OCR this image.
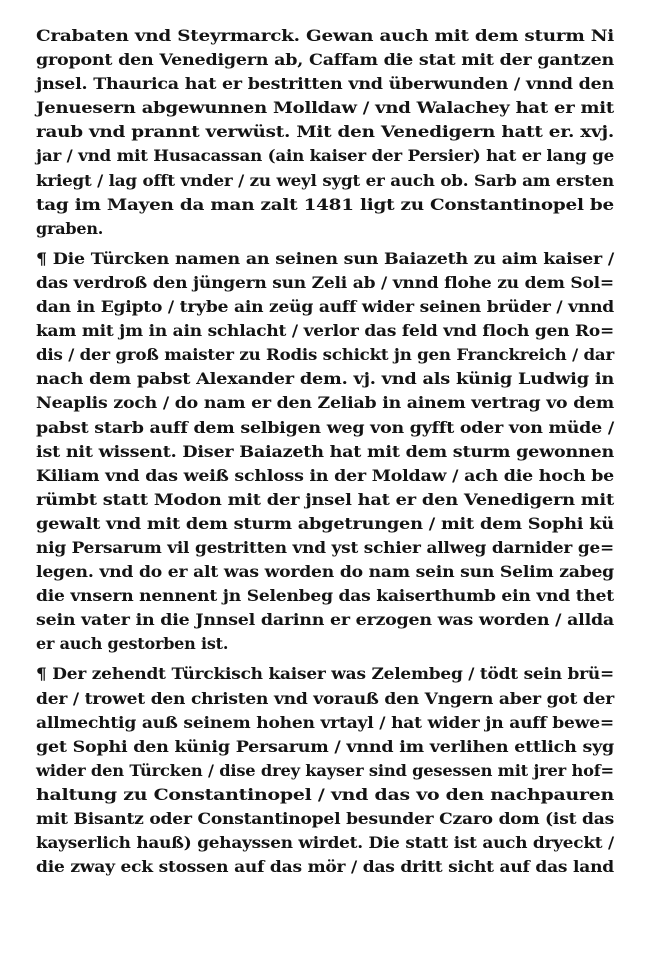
Crabaten vnd Steyrmarck. Gewan auch mit dem sturm Ni
gropont den Venedigern ab, Caffam die stat mit der gantzen
jnsel. Thaurica hat er bestritten vnd überwunden / vnnd den
Jenuesern abgewunnen Molldaw / vnd Walachey hat er mit
raub vnd prannt verwüst. Mit den Venedigern hatt er. xvj.
jar / vnd mit Husacassan (ain kaiser der Persier) hat er lang ge
kriegt / lag offt vnder / zu weyl sygt er auch ob. Sarb am ersten
tag im Mayen da man zalt 1481 ligt zu Constantinopel be
graben.
¶ Die Türcken namen an seinen sun Baiazeth zu aim kaiser /
das verdroß den jüngern sun Zeli ab / vnnd flohe zu dem Sol=
dan in Egipto / trybe ain zeüg auff wider seinen brüder / vnnd
kam mit jm in ain schlacht / verlor das feld vnd floch gen Ro=
dis / der groß maister zu Rodis schickt jn gen Franckreich / dar
nach dem pabst Alexander dem. vj. vnd als künig Ludwig in
Neaplis zoch / do nam er den Zeliab in ainem vertrag vo dem
pabst starb auff dem selbigen weg von gyfft oder von müde /
ist nit wissent. Diser Baiazeth hat mit dem sturm gewonnen
Kiliam vnd das weiß schloss in der Moldaw / ach die hoch be
rümbt statt Modon mit der jnsel hat er den Venedigern mit
gewalt vnd mit dem sturm abgetrungen / mit dem Sophi kü
nig Persarum vil gestritten vnd yst schier allweg darnider ge=
legen. vnd do er alt was worden do nam sein sun Selim zabeg
die vnsern nennent jn Selenbeg das kaiserthumb ein vnd thet
sein vater in die Jnnsel darinn er erzogen was worden / allda
er auch gestorben ist.
¶ Der zehendt Türckisch kaiser was Zelembeg / tödt sein brü=
der / trowet den christen vnd vorauß den Vngern aber got der
allmechtig auß seinem hohen vrtayl / hat wider jn auff bewe=
get Sophi den künig Persarum / vnnd im verlihen ettlich syg
wider den Türcken / dise drey kayser sind gesessen mit jrer hof=
haltung zu Constantinopel / vnd das vo den nachpauren
mit Bisantz oder Constantinopel besunder Czaro dom (ist das
kayserlich hauß) gehayssen wirdet. Die statt ist auch dryeckt /
die zway eck stossen auf das mör / das dritt sicht auf das land
